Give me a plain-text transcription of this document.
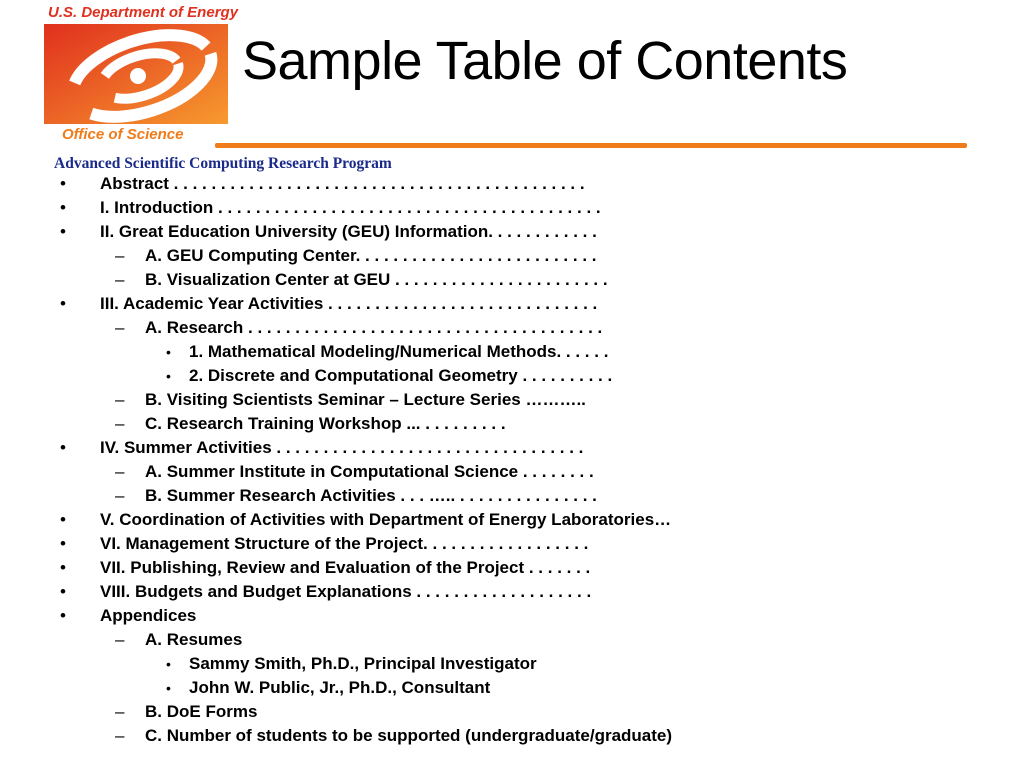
U.S. Department of Energy
Office of Science
Sample Table of Contents
Advanced Scientific Computing Research Program
• Abstract . . . . . . . . . . . . . . . . . . . . . . . . . . . . . . . . . . . . . . . . . . . .
• I. Introduction . . . . . . . . . . . . . . . . . . . . . . . . . . . . . . . . . . . . . . . . .
• II. Great Education University (GEU) Information. . . . . . . . . . . .
– A. GEU Computing Center. . . . . . . . . . . . . . . . . . . . . . . . . .
– B. Visualization Center at GEU . . . . . . . . . . . . . . . . . . . . . . .
• III. Academic Year Activities . . . . . . . . . . . . . . . . . . . . . . . . . . . . .
– A. Research . . . . . . . . . . . . . . . . . . . . . . . . . . . . . . . . . . . . . .
• 1. Mathematical Modeling/Numerical Methods. . . . . .
• 2. Discrete and Computational Geometry . . . . . . . . . .
– B. Visiting Scientists Seminar – Lecture Series ………..
– C. Research Training Workshop ... . . . . . . . . .
• IV. Summer Activities . . . . . . . . . . . . . . . . . . . . . . . . . . . . . . . . .
– A. Summer Institute in Computational Science . . . . . . . .
– B. Summer Research Activities . . . ….. . . . . . . . . . . . . . . .
• V. Coordination of Activities with Department of Energy Laboratories…
• VI. Management Structure of the Project. . . . . . . . . . . . . . . . . .
• VII. Publishing, Review and Evaluation of the Project . . . . . . .
• VIII. Budgets and Budget Explanations . . . . . . . . . . . . . . . . . . .
• Appendices
– A. Resumes
• Sammy Smith, Ph.D., Principal Investigator
• John W. Public, Jr., Ph.D., Consultant
– B. DoE Forms
– C. Number of students to be supported (undergraduate/graduate)
